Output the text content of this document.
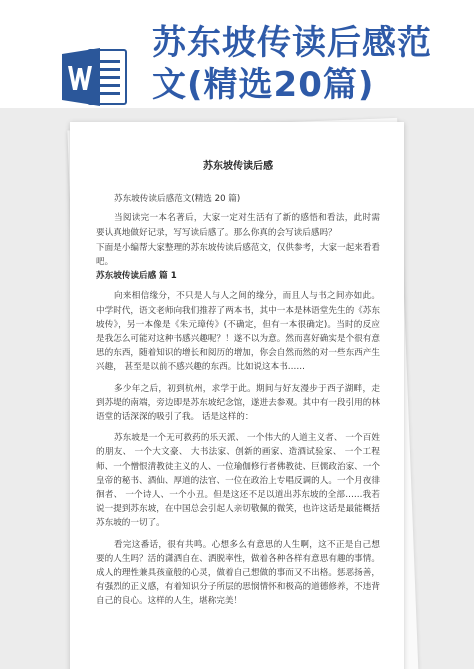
苏东坡传读后感范文(精选20篇)
苏东坡传读后感
苏东坡传读后感范文(精选 20 篇)
当阅读完一本名著后，大家一定对生活有了新的感悟和看法，此时需要认真地做好记录，写写读后感了。那么你真的会写读后感吗？
下面是小编帮大家整理的苏东坡传读后感范文，仅供参考，大家一起来看看吧。
苏东坡传读后感 篇 1
向来相信缘分，不只是人与人之间的缘分，而且人与书之间亦如此。中学时代，语文老师向我们推荐了两本书，其中一本是林语堂先生的《苏东坡传》，另一本像是《朱元璋传》(不确定，但有一本很确定)。当时的反应是我怎么可能对这种书感兴趣呢？！遂不以为意。然而喜好确实是个很有意思的东西，随着知识的增长和阅历的增加，你会自然而然的对一些东西产生兴趣， 甚至是以前不感兴趣的东西。比如说这本书……
多少年之后，初到杭州，求学于此。期间与好友漫步于西子湖畔，走到苏堤的南端，旁边即是苏东坡纪念馆，遂进去参观。其中有一段引用的林语堂的话深深的吸引了我。 话是这样的：
苏东坡是一个无可救药的乐天派、 一个伟大的人道主义者、 一个百姓的朋友、 一个大文豪、 大书法家、创新的画家、造酒试验家、 一个工程师、一个憎恨清教徒主义的人、一位瑜伽修行者佛教徒、巨儒政治家、一个皇帝的秘书、酒仙、厚道的法官、一位在政治上专唱反调的人。一个月夜徘徊者、 一个诗人、一个小丑。但是这还不足以道出苏东坡的全部……我若说一提到苏东坡，在中国总会引起人亲切敬佩的微笑，也许这话是最能概括苏东坡的一切了。
看完这番话，很有共鸣。心想多么有意思的人生啊，这不正是自己想要的人生吗？活的潇洒自在、洒脱率性，做着各种各样有意思有趣的事情。成人的理性兼具孩童般的心灵，做着自己想做的事而又不出格。惩恶扬善，有强烈的正义感，有着知识分子所层的思悯情怀和极高的道德修养，不违背自己的良心。这样的人生，堪称完美！
